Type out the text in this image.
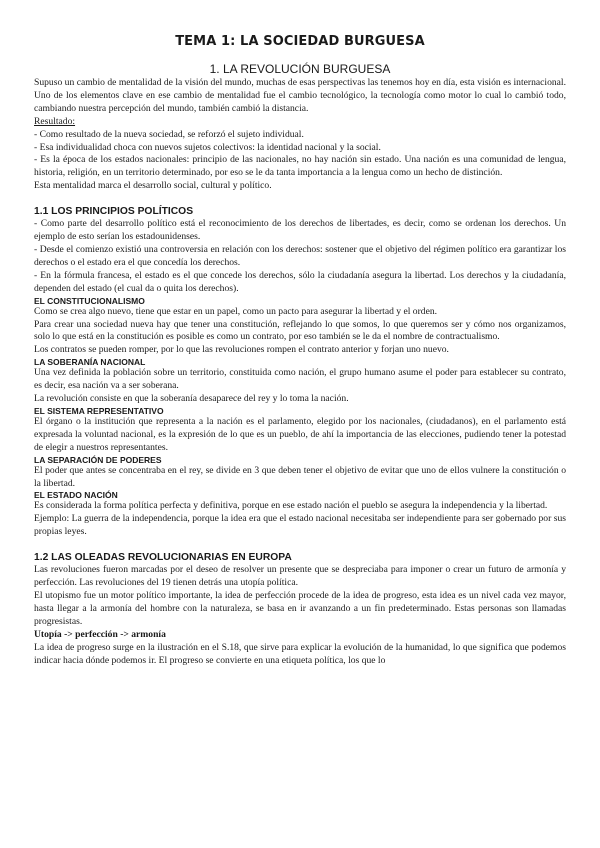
TEMA 1: LA SOCIEDAD BURGUESA
1. LA REVOLUCIÓN BURGUESA

Supuso un cambio de mentalidad de la visión del mundo, muchas de esas perspectivas las tenemos hoy en día, esta visión es internacional. Uno de los elementos clave en ese cambio de mentalidad fue el cambio tecnológico, la tecnología como motor lo cual lo cambió todo, cambiando nuestra percepción del mundo, también cambió la distancia.

Resultado:

- Como resultado de la nueva sociedad, se reforzó el sujeto individual.

- Esa individualidad choca con nuevos sujetos colectivos: la identidad nacional y la social.

- Es la época de los estados nacionales: principio de las nacionales, no hay nación sin estado. Una nación es una comunidad de lengua, historia, religión, en un territorio determinado, por eso se le da tanta importancia a la lengua como un hecho de distinción.

Esta mentalidad marca el desarrollo social, cultural y político.

1.1 LOS PRINCIPIOS POLÍTICOS

- Como parte del desarrollo político está el reconocimiento de los derechos de libertades, es decir, como se ordenan los derechos. Un ejemplo de esto serían los estadounidenses.

- Desde el comienzo existió una controversia en relación con los derechos: sostener que el objetivo del régimen político era garantizar los derechos o el estado era el que concedía los derechos.

- En la fórmula francesa, el estado es el que concede los derechos, sólo la ciudadanía asegura la libertad. Los derechos y la ciudadanía, dependen del estado (el cual da o quita los derechos).

EL CONSTITUCIONALISMO

Como se crea algo nuevo, tiene que estar en un papel, como un pacto para asegurar la libertad y el orden.

Para crear una sociedad nueva hay que tener una constitución, reflejando lo que somos, lo que queremos ser y cómo nos organizamos, solo lo que está en la constitución es posible es como un contrato, por eso también se le da el nombre de contractualismo.

Los contratos se pueden romper, por lo que las revoluciones rompen el contrato anterior y forjan uno nuevo.

LA SOBERANÍA NACIONAL

Una vez definida la población sobre un territorio, constituida como nación, el grupo humano asume el poder para establecer su contrato, es decir, esa nación va a ser soberana.

La revolución consiste en que la soberanía desaparece del rey y lo toma la nación.

EL SISTEMA REPRESENTATIVO

El órgano o la institución que representa a la nación es el parlamento, elegido por los nacionales, (ciudadanos), en el parlamento está expresada la voluntad nacional, es la expresión de lo que es un pueblo, de ahí la importancia de las elecciones, pudiendo tener la potestad de elegir a nuestros representantes.

LA SEPARACIÓN DE PODERES

El poder que antes se concentraba en el rey, se divide en 3 que deben tener el objetivo de evitar que uno de ellos vulnere la constitución o la libertad.

EL ESTADO NACIÓN

Es considerada la forma política perfecta y definitiva, porque en ese estado nación el pueblo se asegura la independencia y la libertad.

Ejemplo: La guerra de la independencia, porque la idea era que el estado nacional necesitaba ser independiente para ser gobernado por sus propias leyes.

1.2 LAS OLEADAS REVOLUCIONARIAS EN EUROPA

Las revoluciones fueron marcadas por el deseo de resolver un presente que se despreciaba para imponer o crear un futuro de armonía y perfección. Las revoluciones del 19 tienen detrás una utopía política.

El utopismo fue un motor político importante, la idea de perfección procede de la idea de progreso, esta idea es un nivel cada vez mayor, hasta llegar a la armonía del hombre con la naturaleza, se basa en ir avanzando a un fin predeterminado. Estas personas son llamadas progresistas.

Utopía -> perfección -> armonía

La idea de progreso surge en la ilustración en el S.18, que sirve para explicar la evolución de la humanidad, lo que significa que podemos indicar hacia dónde podemos ir. El progreso se convierte en una etiqueta política, los que lo
